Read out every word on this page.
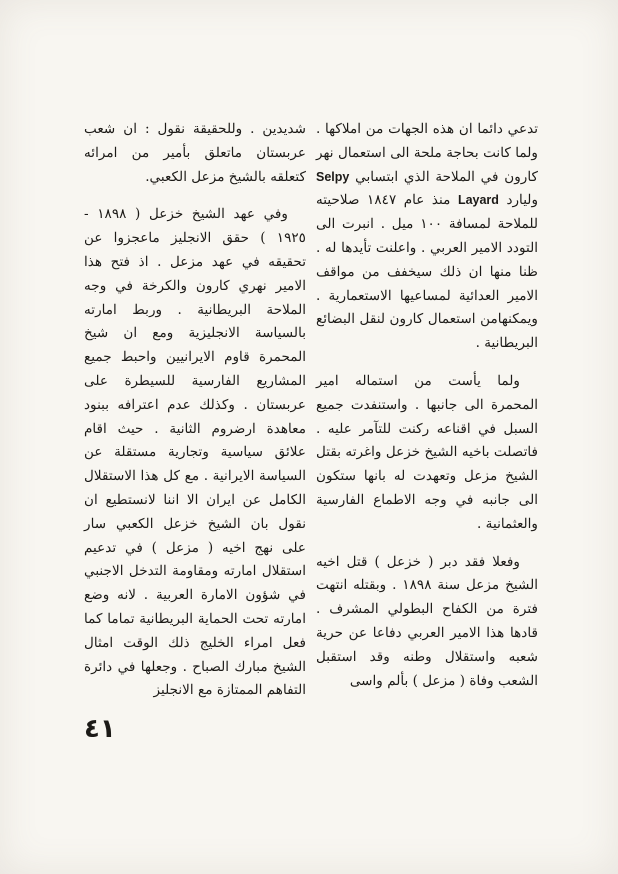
تدعي دائما ان هذه الجهات من املاكها . ولما كانت بحاجة ملحة الى استعمال نهر كارون في الملاحة الذي ابتسابي Selpy وليارد Layard منذ عام ١٨٤٧ صلاحيته للملاحة لمسافة ١٠٠ ميل . انبرت الى التودد الامير العربي . واعلنت تأيدها له . ظنا منها ان ذلك سيخفف من مواقف الامير العدائية لمساعيها الاستعمارية . ويمكنهامن استعمال كارون لنقل البضائع البريطانية .

ولما يأست من استماله امير المحمرة الى جانبها . واستنفدت جميع السبل في اقناعه ركنت للتآمر عليه . فاتصلت باخيه الشيخ خزعل واغرته بقتل الشيخ مزعل وتعهدت له بانها ستكون الى جانبه في وجه الاطماع الفارسية والعثمانية .

وفعلا فقد دبر ( خزعل ) قتل اخيه الشيخ مزعل سنة ١٨٩٨ . وبقتله انتهت فترة من الكفاح البطولي المشرف . قادها هذا الامير العربي دفاعا عن حرية شعبه واستقلال وطنه وقد استقبل الشعب وفاة ( مزعل ) بألم واسى

شديدين . وللحقيقة نقول : ان شعب عربستان ماتعلق بأمير من امرائه كتعلقه بالشيخ مزعل الكعبي.

وفي عهد الشيخ خزعل ( ١٨٩٨ - ١٩٢٥ ) حقق الانجليز ماعجزوا عن تحقيقه في عهد مزعل . اذ فتح هذا الامير نهري كارون والكرخة في وجه الملاحة البريطانية . وربط امارته بالسياسة الانجليزية ومع ان شيخ المحمرة قاوم الايرانيين واحبط جميع المشاريع الفارسية للسيطرة على عربستان . وكذلك عدم اعترافه ببنود معاهدة ارضروم الثانية . حيث اقام علائق سياسية وتجارية مستقلة عن السياسة الايرانية . مع كل هذا الاستقلال الكامل عن ايران الا اننا لانستطيع ان نقول بان الشيخ خزعل الكعبي سار على نهج اخيه ( مزعل ) في تدعيم استقلال امارته ومقاومة التدخل الاجنبي في شؤون الامارة العربية . لانه وضع امارته تحت الحماية البريطانية تماما كما فعل امراء الخليج ذلك الوقت امثال الشيخ مبارك الصباح . وجعلها في دائرة التفاهم الممتازة مع الانجليز

٤١
